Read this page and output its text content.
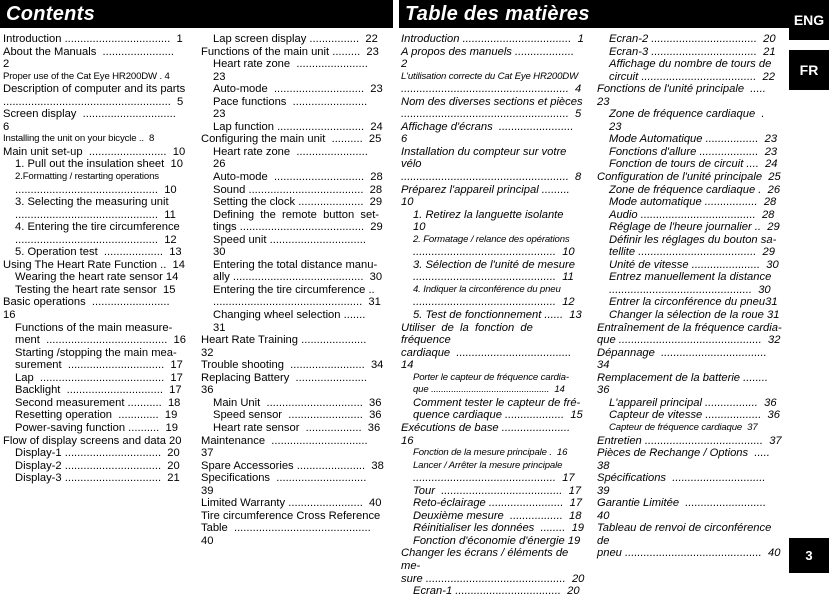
Contents	Table des matières	ENG
FR
Introduction ..................................  1
About the Manuals  .......................  2
Proper use of the Cat Eye HR200DW . 4
Description of computer and its parts
......................................................  5
Screen display  ..............................  6
Installing the unit on your bicycle ..  8
Main unit set-up  .........................  10
1. Pull out the insulation sheet  10
2.Formatting / restarting operations
..............................................  10
3. Selecting the measuring unit
..............................................  11
4. Entering the tire circumference
..............................................  12
5. Operation test  ...................  13
Using The Heart Rate Function ..  14
Wearing the heart rate sensor 14
Testing the heart rate sensor  15
Basic operations  .........................  16
Functions of the main measure-
ment  .......................................  16
Starting /stopping the main mea-
surement  ...............................  17
Lap  ........................................  17
Backlight  ...............................  17
Second measurement ...........  18
Resetting operation  .............  19
Power-saving function ..........  19
Flow of display screens and data 20
Display-1 ...............................  20
Display-2 ...............................  20
Display-3 ...............................  21
Lap screen display ................  22
Functions of the main unit .........  23
Heart rate zone  .......................  23
Auto-mode  .............................  23
Pace functions  ........................  23
Lap function ............................  24
Configuring the main unit  ..........  25
Heart rate zone  .......................  26
Auto-mode  .............................  28
Sound .....................................  28
Setting the clock .....................  29
Defining  the  remote  button  set-
tings ........................................  29
Speed unit ...............................  30
Entering the total distance manu-
ally ..........................................  30
Entering the tire circumference ..
................................................  31
Changing wheel selection .......  31
Heart Rate Training .....................  32
Trouble shooting  ........................  34
Replacing Battery  .......................  36
Main Unit  ...............................  36
Speed sensor  ........................  36
Heart rate sensor  ..................  36
Maintenance  ...............................  37
Spare Accessories ......................  38
Specifications  .............................  39
Limited Warranty ........................  40
Tire circumference Cross Reference
Table  ............................................  40
Introduction ...................................  1
A propos des manuels ...................  2
L'utilisation correcte du Cat Eye HR200DW
......................................................  4
Nom des diverses sections et pièces
......................................................  5
Affichage d'écrans  ........................  6
Installation du compteur sur votre vélo
......................................................  8
Préparez l'appareil principal .........  10
1. Retirez la languette isolante   10
2. Formatage / relance des opérations
..............................................  10
3. Sélection de l'unité de mesure
..............................................  11
4. Indiquer la circonférence du pneu
..............................................  12
5. Test de fonctionnement ......  13
Utiliser  de  la  fonction  de  fréquence
cardiaque  .....................................  14
Porter le capteur de fréquence cardia-
que ...............................................  14
Comment tester le capteur de fré-
quence cardiaque ...................  15
Exécutions de base ......................  16
Fonction de la mesure principale .  16
Lancer / Arrêter la mesure principale
..............................................  17
Tour  .......................................  17
Reto-éclairage ........................  17
Deuxième mesure  .................  18
Réinitialiser les données  ........  19
Fonction d'économie d'énergie 19
Changer les écrans / éléments de me-
sure .............................................  20
Ecran-1 ..................................  20
Ecran-2 ..................................  20
Ecran-3 ..................................  21
Affichage du nombre de tours de
circuit .....................................  22
Fonctions de l'unité principale  .....  23
Zone de fréquence cardiaque  .  23
Mode Automatique .................  23
Fonctions d'allure ...................  23
Fonction de tours de circuit ....  24
Configuration de l'unité principale  25
Zone de fréquence cardiaque .  26
Mode automatique .................  28
Audio .....................................  28
Réglage de l'heure journalier ..  29
Définir les réglages du bouton sa-
tellite ......................................  29
Unité de vitesse ......................  30
Entrez manuellement la distance
..............................................  30
Entrer la circonférence du pneu31
Changer la sélection de la roue 31
Entraînement de la fréquence cardia-
que ..............................................  32
Dépannage  ..................................  34
Remplacement de la batterie ........  36
L'appareil principal .................  36
Capteur de vitesse ..................  36
Capteur de fréquence cardiaque  37
Entretien ......................................  37
Pièces de Rechange / Options  .....  38
Spécifications  ..............................  39
Garantie Limitée  ..........................  40
Tableau de renvoi de circonférence de
pneu ............................................  40	3
